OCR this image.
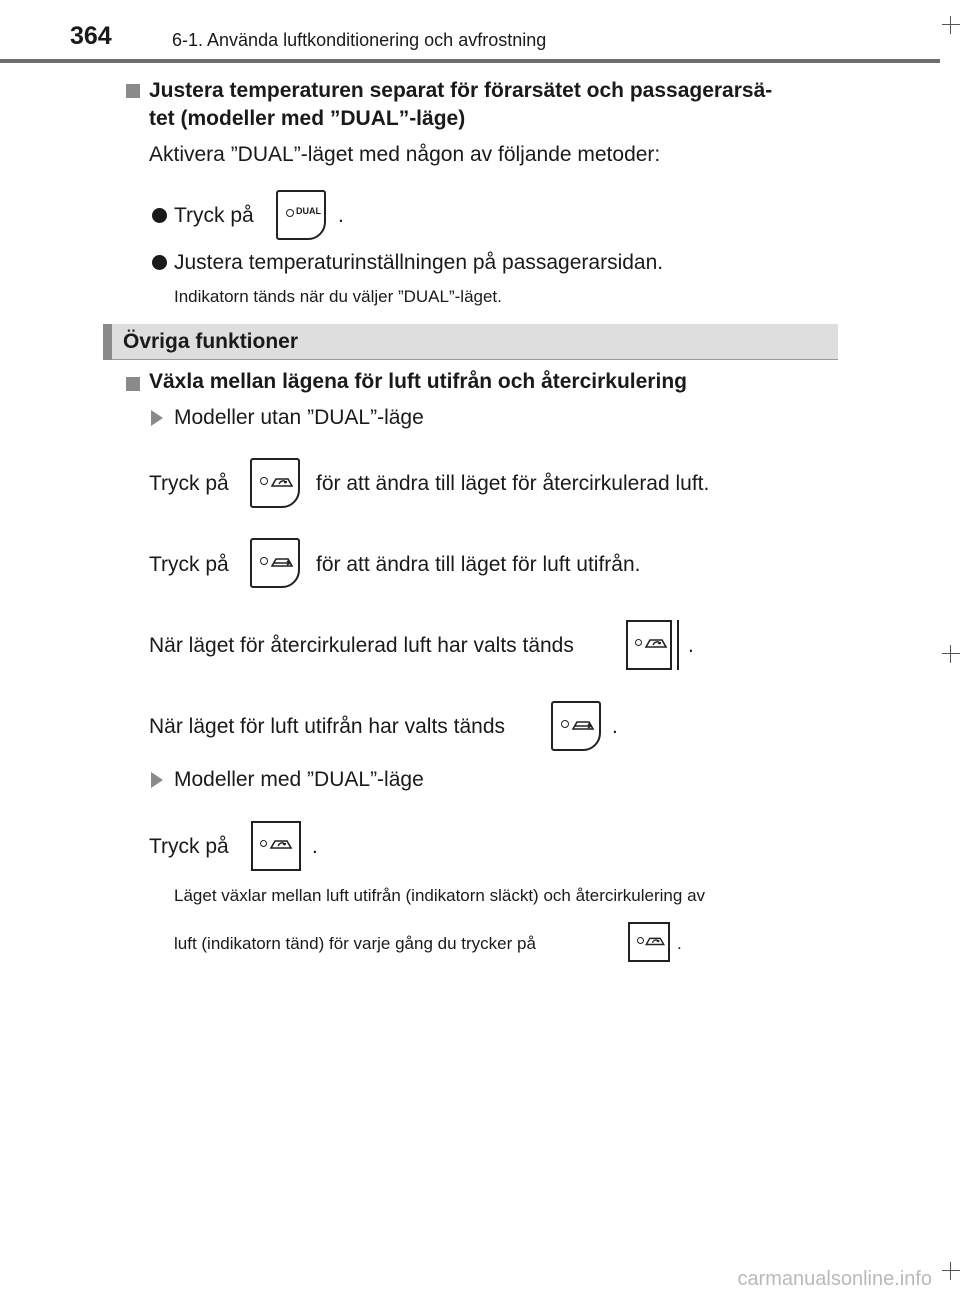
364	6-1. Använda luftkonditionering och avfrostning
Justera temperaturen separat för förarsätet och passagerarsä-
tet (modeller med ”DUAL”-läge)
Aktivera ”DUAL”-läget med någon av följande metoder:
Tryck på	DUAL .
Justera temperaturinställningen på passagerarsidan.
Indikatorn tänds när du väljer ”DUAL”-läget.
Övriga funktioner
Växla mellan lägena för luft utifrån och återcirkulering
Modeller utan ”DUAL”-läge
Tryck på	för att ändra till läget för återcirkulerad luft.
Tryck på	för att ändra till läget för luft utifrån.
När läget för återcirkulerad luft har valts tänds	.
När läget för luft utifrån har valts tänds	.
Modeller med ”DUAL”-läge
Tryck på	.
Läget växlar mellan luft utifrån (indikatorn släckt) och återcirkulering av
luft (indikatorn tänd) för varje gång du trycker på	.
carmanualsonline.info
